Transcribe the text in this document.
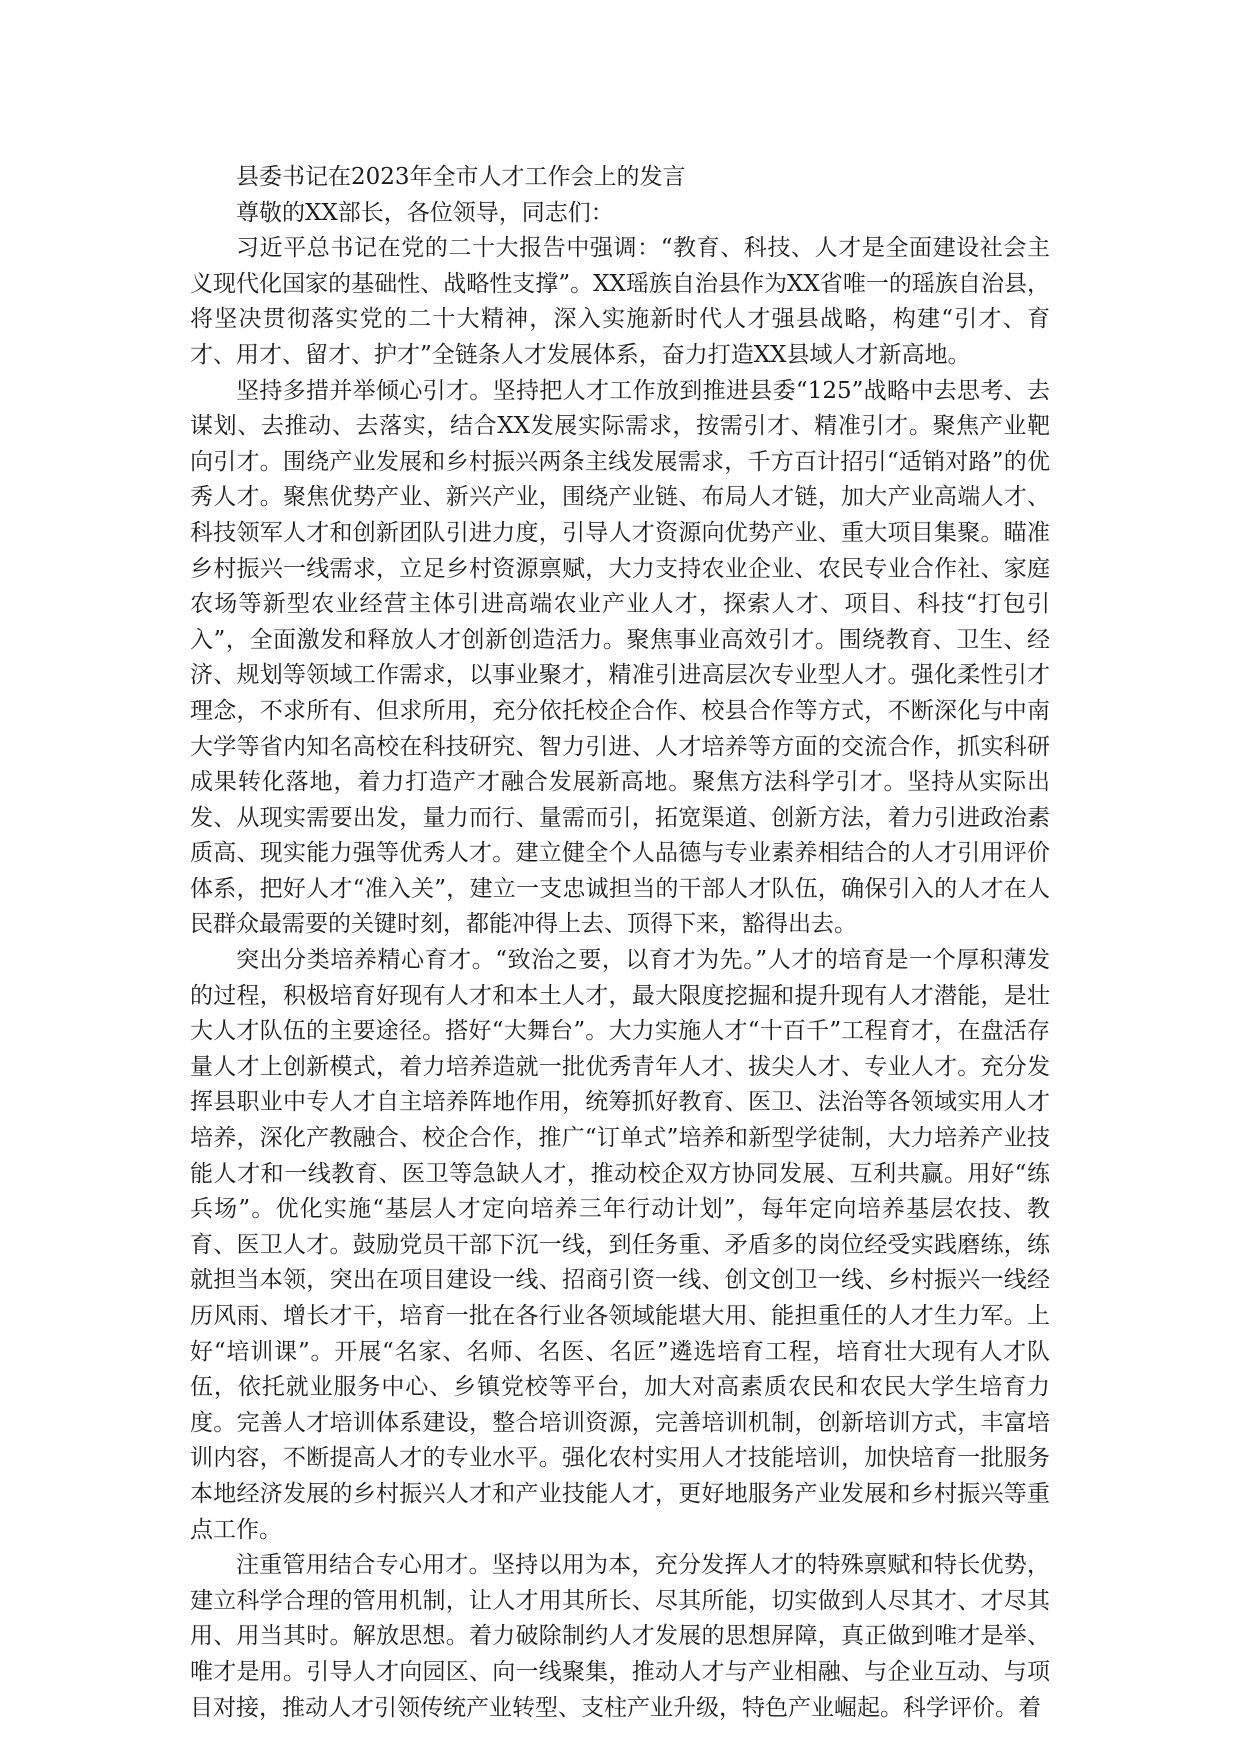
县委书记在2023年全市人才工作会上的发言

尊敬的XX部长，各位领导，同志们：

习近平总书记在党的二十大报告中强调：“教育、科技、人才是全面建设社会主义现代化国家的基础性、战略性支撑”。XX瑶族自治县作为XX省唯一的瑶族自治县，将坚决贯彻落实党的二十大精神，深入实施新时代人才强县战略，构建“引才、育才、用才、留才、护才”全链条人才发展体系，奋力打造XX县域人才新高地。

坚持多措并举倾心引才。坚持把人才工作放到推进县委“125”战略中去思考、去谋划、去推动、去落实，结合XX发展实际需求，按需引才、精准引才。聚焦产业靶向引才。围绕产业发展和乡村振兴两条主线发展需求，千方百计招引“适销对路”的优秀人才。聚焦优势产业、新兴产业，围绕产业链、布局人才链，加大产业高端人才、科技领军人才和创新团队引进力度，引导人才资源向优势产业、重大项目集聚。瞄准乡村振兴一线需求，立足乡村资源禀赋，大力支持农业企业、农民专业合作社、家庭农场等新型农业经营主体引进高端农业产业人才，探索人才、项目、科技“打包引入”，全面激发和释放人才创新创造活力。聚焦事业高效引才。围绕教育、卫生、经济、规划等领域工作需求，以事业聚才，精准引进高层次专业型人才。强化柔性引才理念，不求所有、但求所用，充分依托校企合作、校县合作等方式，不断深化与中南大学等省内知名高校在科技研究、智力引进、人才培养等方面的交流合作，抓实科研成果转化落地，着力打造产才融合发展新高地。聚焦方法科学引才。坚持从实际出发、从现实需要出发，量力而行、量需而引，拓宽渠道、创新方法，着力引进政治素质高、现实能力强等优秀人才。建立健全个人品德与专业素养相结合的人才引用评价体系，把好人才“准入关”，建立一支忠诚担当的干部人才队伍，确保引入的人才在人民群众最需要的关键时刻，都能冲得上去、顶得下来，豁得出去。

突出分类培养精心育才。“致治之要，以育才为先。”人才的培育是一个厚积薄发的过程，积极培育好现有人才和本土人才，最大限度挖掘和提升现有人才潜能，是壮大人才队伍的主要途径。搭好“大舞台”。大力实施人才“十百千”工程育才，在盘活存量人才上创新模式，着力培养造就一批优秀青年人才、拔尖人才、专业人才。充分发挥县职业中专人才自主培养阵地作用，统筹抓好教育、医卫、法治等各领域实用人才培养，深化产教融合、校企合作，推广“订单式”培养和新型学徒制，大力培养产业技能人才和一线教育、医卫等急缺人才，推动校企双方协同发展、互利共赢。用好“练兵场”。优化实施“基层人才定向培养三年行动计划”，每年定向培养基层农技、教育、医卫人才。鼓励党员干部下沉一线，到任务重、矛盾多的岗位经受实践磨练，练就担当本领，突出在项目建设一线、招商引资一线、创文创卫一线、乡村振兴一线经历风雨、增长才干，培育一批在各行业各领域能堪大用、能担重任的人才生力军。上好“培训课”。开展“名家、名师、名医、名匠”遴选培育工程，培育壮大现有人才队伍，依托就业服务中心、乡镇党校等平台，加大对高素质农民和农民大学生培育力度。完善人才培训体系建设，整合培训资源，完善培训机制，创新培训方式，丰富培训内容，不断提高人才的专业水平。强化农村实用人才技能培训，加快培育一批服务本地经济发展的乡村振兴人才和产业技能人才，更好地服务产业发展和乡村振兴等重点工作。

注重管用结合专心用才。坚持以用为本，充分发挥人才的特殊禀赋和特长优势，建立科学合理的管用机制，让人才用其所长、尽其所能，切实做到人尽其才、才尽其用、用当其时。解放思想。着力破除制约人才发展的思想屏障，真正做到唯才是举、唯才是用。引导人才向园区、向一线聚集，推动人才与产业相融、与企业互动、与项目对接，推动人才引领传统产业转型、支柱产业升级，特色产业崛起。科学评价。着
